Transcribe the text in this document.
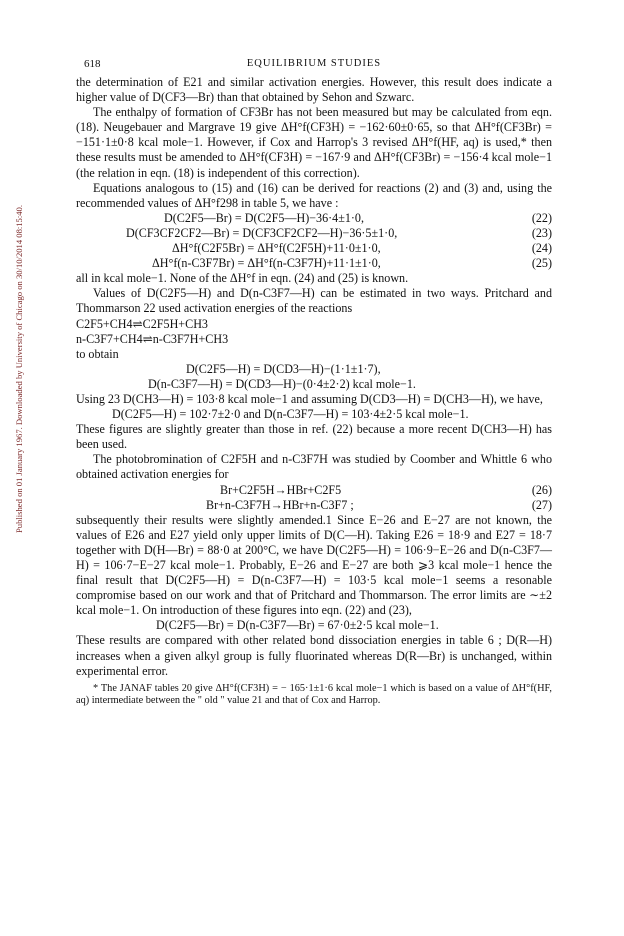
Published on 01 January 1967. Downloaded by University of Chicago on 30/10/2014 08:15:40.
618	EQUILIBRIUM STUDIES

the determination of E21 and similar activation energies. However, this result does indicate a higher value of D(CF3—Br) than that obtained by Sehon and Szwarc.

The enthalpy of formation of CF3Br has not been measured but may be calculated from eqn. (18). Neugebauer and Margrave 19 give ΔH°f(CF3H) = −162·60±0·65, so that ΔH°f(CF3Br) = −151·1±0·8 kcal mole−1. However, if Cox and Harrop's 3 revised ΔH°f(HF, aq) is used,* then these results must be amended to ΔH°f(CF3H) = −167·9 and ΔH°f(CF3Br) = −156·4 kcal mole−1 (the relation in eqn. (18) is independent of this correction).

Equations analogous to (15) and (16) can be derived for reactions (2) and (3) and, using the recommended values of ΔH°f298 in table 5, we have :

D(C2F5—Br) = D(C2F5—H)−36·4±1·0,	(22)
D(CF3CF2CF2—Br) = D(CF3CF2CF2—H)−36·5±1·0,	(23)
ΔH°f(C2F5Br) = ΔH°f(C2F5H)+11·0±1·0,	(24)
ΔH°f(n-C3F7Br) = ΔH°f(n-C3F7H)+11·1±1·0,	(25)

all in kcal mole−1. None of the ΔH°f in eqn. (24) and (25) is known.

Values of D(C2F5—H) and D(n-C3F7—H) can be estimated in two ways. Pritchard and Thommarson 22 used activation energies of the reactions

C2F5+CH4⇌C2F5H+CH3

n-C3F7+CH4⇌n-C3F7H+CH3

to obtain

D(C2F5—H) = D(CD3—H)−(1·1±1·7),
D(n-C3F7—H) = D(CD3—H)−(0·4±2·2) kcal mole−1.

Using 23 D(CH3—H) = 103·8 kcal mole−1 and assuming D(CD3—H) = D(CH3—H), we have,

D(C2F5—H) = 102·7±2·0 and D(n-C3F7—H) = 103·4±2·5 kcal mole−1.

These figures are slightly greater than those in ref. (22) because a more recent D(CH3—H) has been used.

The photobromination of C2F5H and n-C3F7H was studied by Coomber and Whittle 6 who obtained activation energies for

Br+C2F5H→HBr+C2F5	(26)
Br+n-C3F7H→HBr+n-C3F7 ;	(27)

subsequently their results were slightly amended.1 Since E−26 and E−27 are not known, the values of E26 and E27 yield only upper limits of D(C—H). Taking E26 = 18·9 and E27 = 18·7 together with D(H—Br) = 88·0 at 200°C, we have D(C2F5—H) = 106·9−E−26 and D(n-C3F7—H) = 106·7−E−27 kcal mole−1. Probably, E−26 and E−27 are both ⩾3 kcal mole−1 hence the final result that D(C2F5—H) = D(n-C3F7—H) = 103·5 kcal mole−1 seems a resonable compromise based on our work and that of Pritchard and Thommarson. The error limits are ∼±2 kcal mole−1. On introduction of these figures into eqn. (22) and (23),

D(C2F5—Br) = D(n-C3F7—Br) = 67·0±2·5 kcal mole−1.

These results are compared with other related bond dissociation energies in table 6 ; D(R—H) increases when a given alkyl group is fully fluorinated whereas D(R—Br) is unchanged, within experimental error.

* The JANAF tables 20 give ΔH°f(CF3H) = − 165·1±1·6 kcal mole−1 which is based on a value of ΔH°f(HF, aq) intermediate between the " old " value 21 and that of Cox and Harrop.
